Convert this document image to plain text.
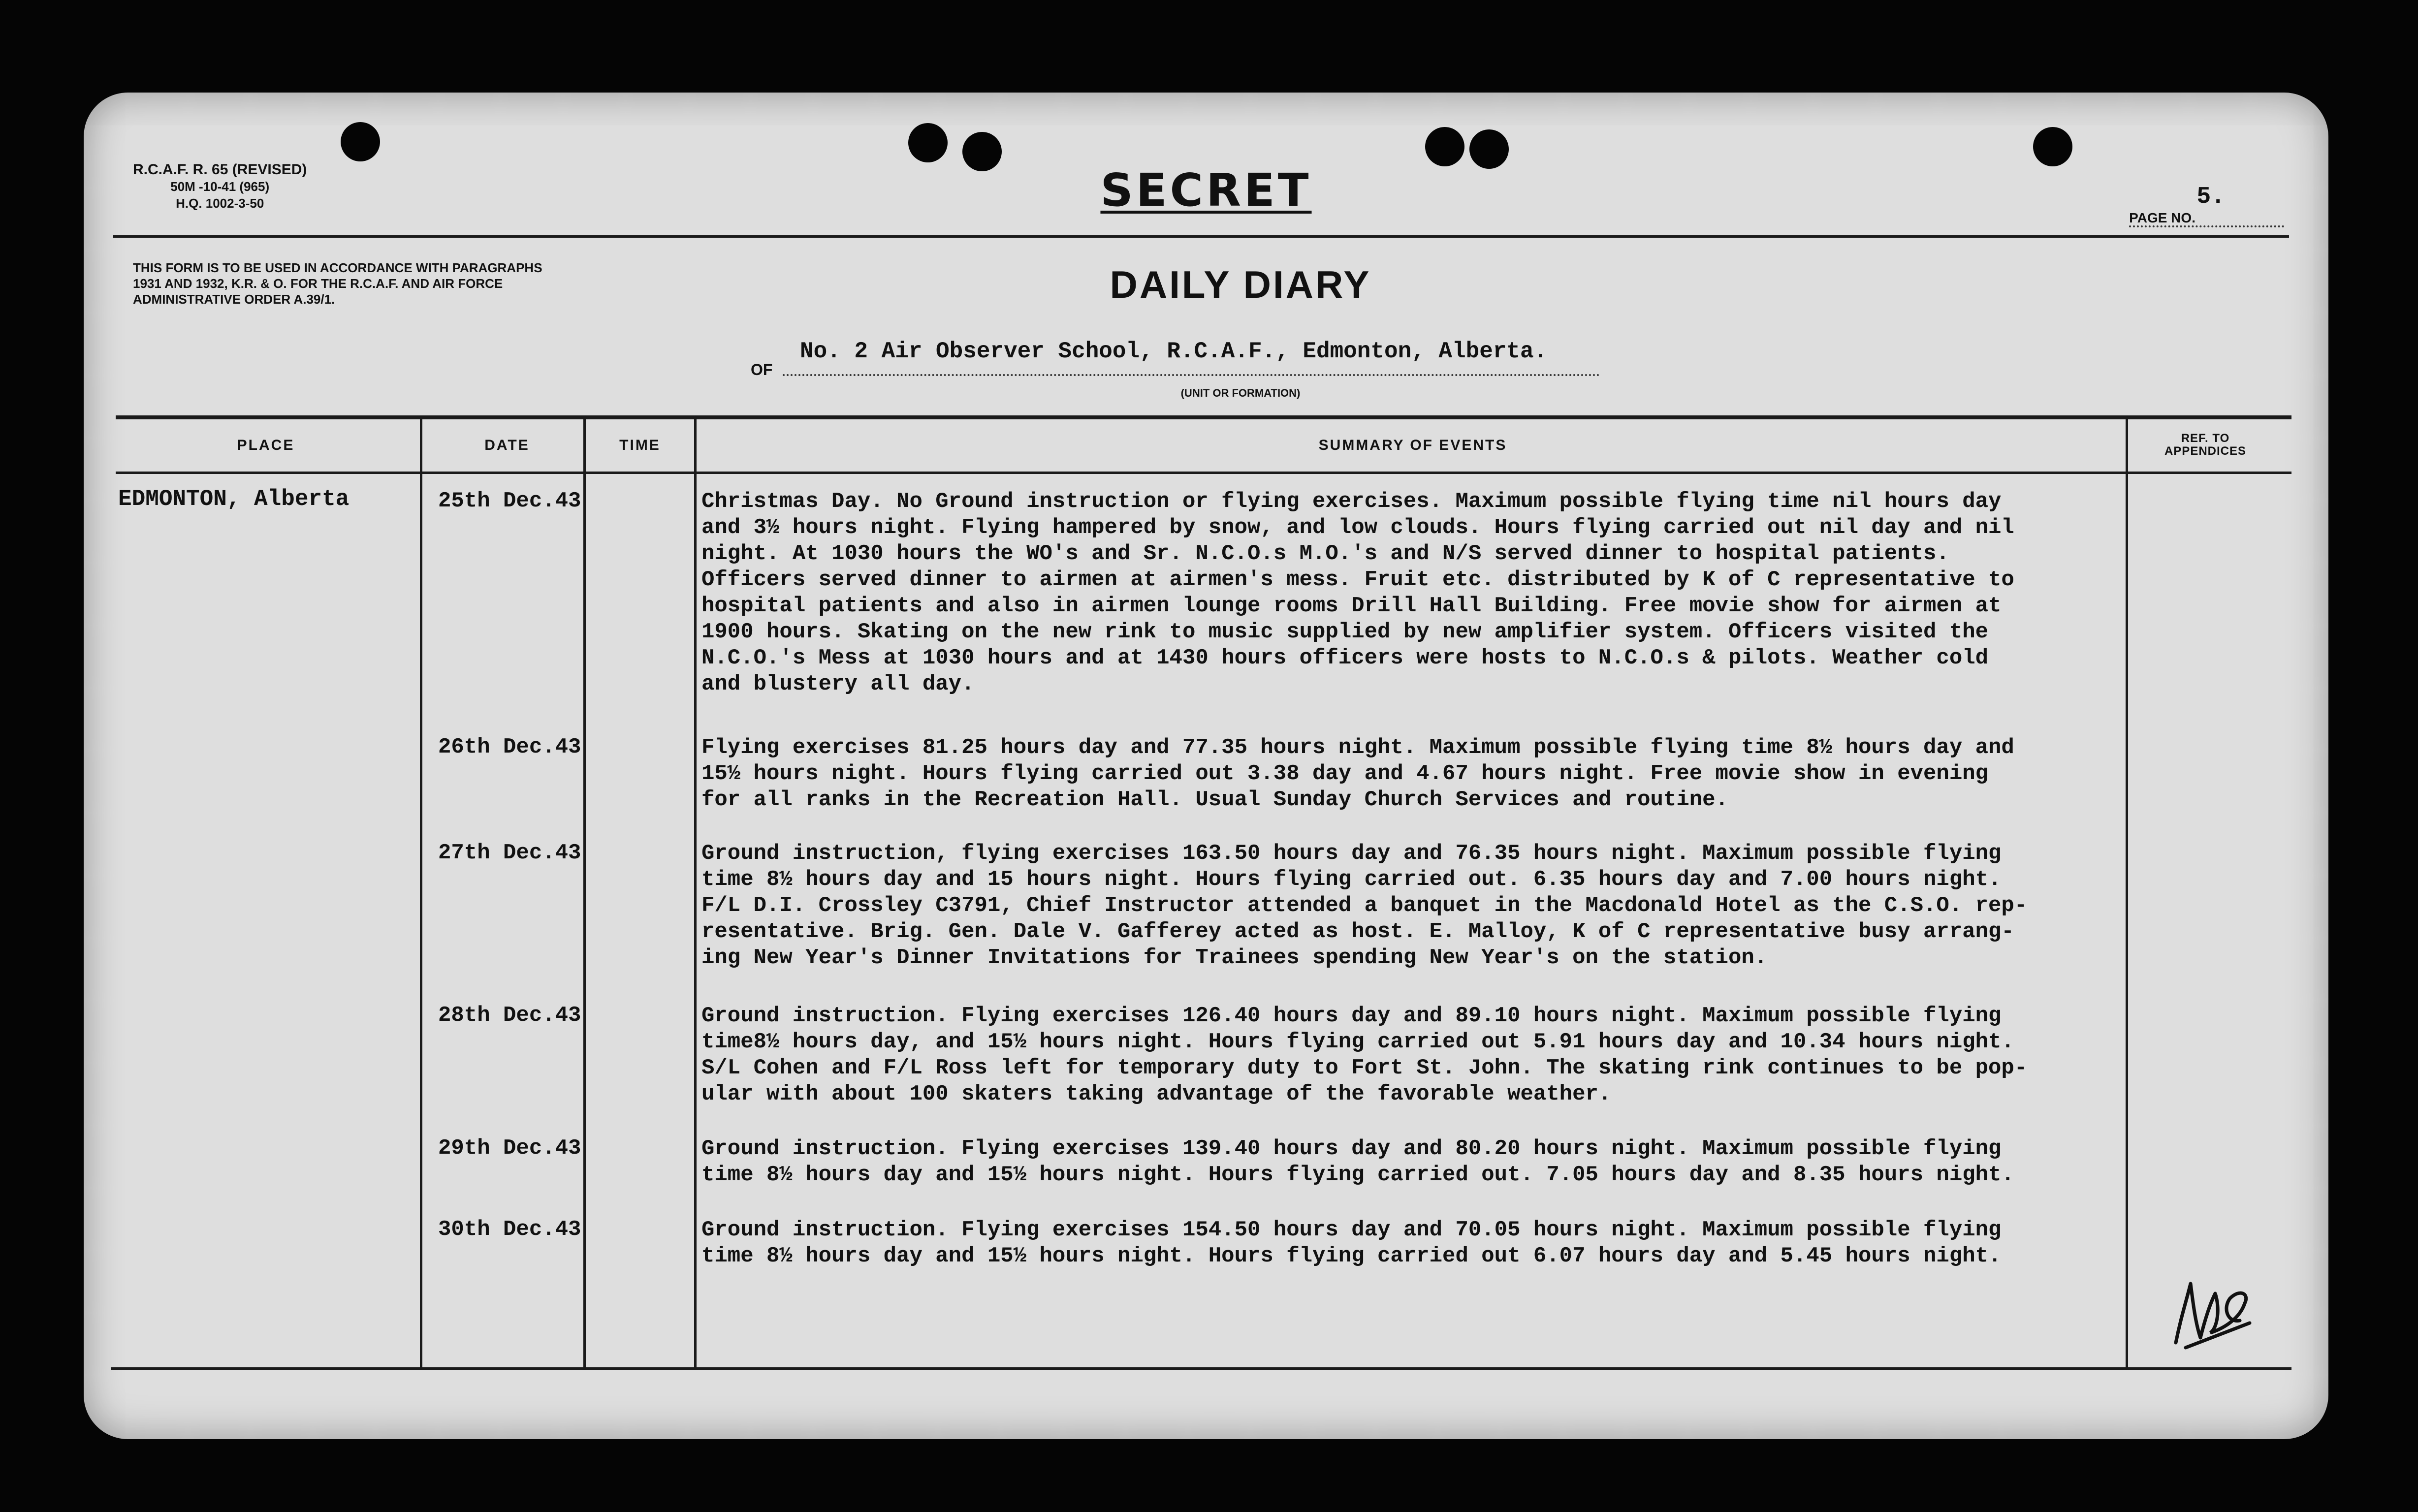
R.C.A.F. R. 65 (REVISED)
50M -10-41 (965)
H.Q. 1002-3-50	SECRET	5.
PAGE NO.
THIS FORM IS TO BE USED IN ACCORDANCE WITH PARAGRAPHS 1931 AND 1932, K.R. & O. FOR THE R.C.A.F. AND AIR FORCE ADMINISTRATIVE ORDER A.39/1.	DAILY DIARY
OF
No. 2 Air Observer School, R.C.A.F., Edmonton, Alberta.
(UNIT OR FORMATION)
PLACE	DATE	TIME	SUMMARY OF EVENTS	REF. TO
APPENDICES
EDMONTON, Alberta	25th Dec.43	Christmas Day. No Ground instruction or flying exercises. Maximum possible flying time nil hours day
and 3½ hours night. Flying hampered by snow, and low clouds. Hours flying carried out nil day and nil
night. At 1030 hours the WO's and Sr. N.C.O.s M.O.'s and N/S served dinner to hospital patients.
Officers served dinner to airmen at airmen's mess. Fruit etc. distributed by K of C representative to
hospital patients and also in airmen lounge rooms Drill Hall Building. Free movie show for airmen at
1900 hours. Skating on the new rink to music supplied by new amplifier system. Officers visited the
N.C.O.'s Mess at 1030 hours and at 1430 hours officers were hosts to N.C.O.s & pilots. Weather cold
and blustery all day.
26th Dec.43	Flying exercises 81.25 hours day and 77.35 hours night. Maximum possible flying time 8½ hours day and
15½ hours night. Hours flying carried out 3.38 day and 4.67 hours night. Free movie show in evening
for all ranks in the Recreation Hall. Usual Sunday Church Services and routine.
27th Dec.43	Ground instruction, flying exercises 163.50 hours day and 76.35 hours night. Maximum possible flying
time 8½ hours day and 15 hours night. Hours flying carried out. 6.35 hours day and 7.00 hours night.
F/L D.I. Crossley C3791, Chief Instructor attended a banquet in the Macdonald Hotel as the C.S.O. rep-
resentative. Brig. Gen. Dale V. Gafferey acted as host. E. Malloy, K of C representative busy arrang-
ing New Year's Dinner Invitations for Trainees spending New Year's on the station.
28th Dec.43	Ground instruction. Flying exercises 126.40 hours day and 89.10 hours night. Maximum possible flying
time8½ hours day, and 15½ hours night. Hours flying carried out 5.91 hours day and 10.34 hours night.
S/L Cohen and F/L Ross left for temporary duty to Fort St. John. The skating rink continues to be pop-
ular with about 100 skaters taking advantage of the favorable weather.
29th Dec.43	Ground instruction. Flying exercises 139.40 hours day and 80.20 hours night. Maximum possible flying
time 8½ hours day and 15½ hours night. Hours flying carried out. 7.05 hours day and 8.35 hours night.
30th Dec.43	Ground instruction. Flying exercises 154.50 hours day and 70.05 hours night. Maximum possible flying
time 8½ hours day and 15½ hours night. Hours flying carried out 6.07 hours day and 5.45 hours night.
